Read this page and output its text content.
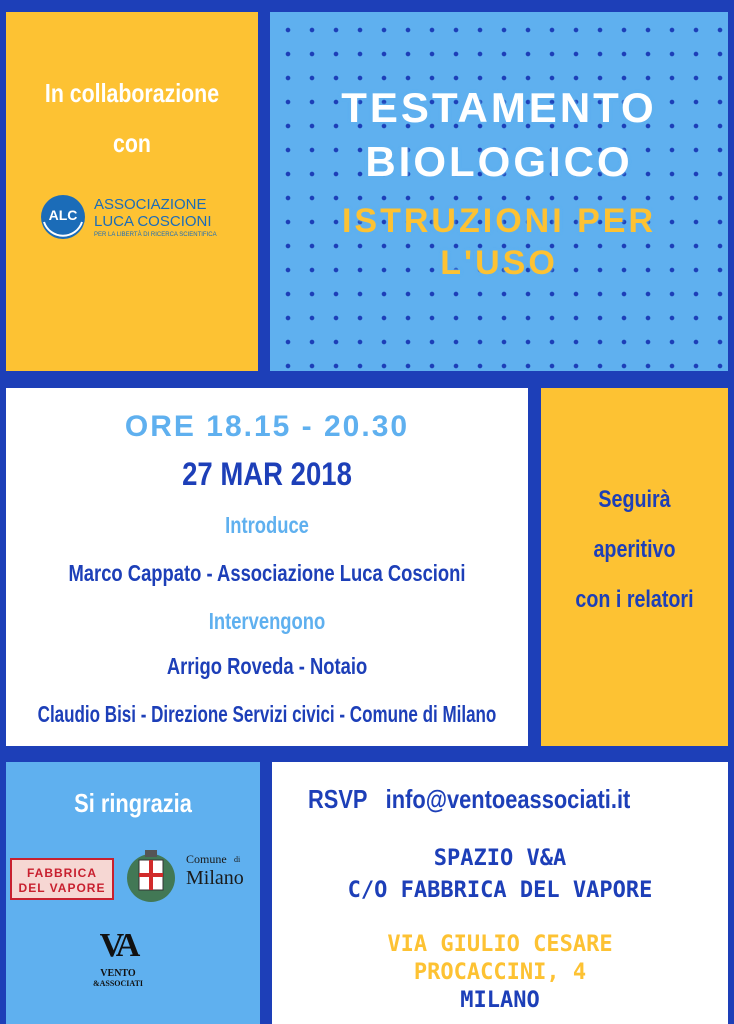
In collaborazione
con
ALC
ASSOCIAZIONE
LUCA COSCIONI
PER LA LIBERTÀ DI RICERCA SCIENTIFICA
TESTAMENTO
BIOLOGICO
ISTRUZIONI PER
L'USO
ORE 18.15 - 20.30
27 MAR 2018
Introduce
Marco Cappato - Associazione Luca Coscioni
Intervengono
Arrigo Roveda - Notaio
Claudio Bisi - Direzione Servizi civici - Comune di Milano
Seguirà
aperitivo
con i relatori
Si ringrazia
FABBRICA
DEL VAPORE
Comune di
Milano
VA
VENTO
&ASSOCIATI
RSVP info@ventoeassociati.it
SPAZIO V&A
C/O FABBRICA DEL VAPORE
VIA GIULIO CESARE
PROCACCINI, 4
MILANO
